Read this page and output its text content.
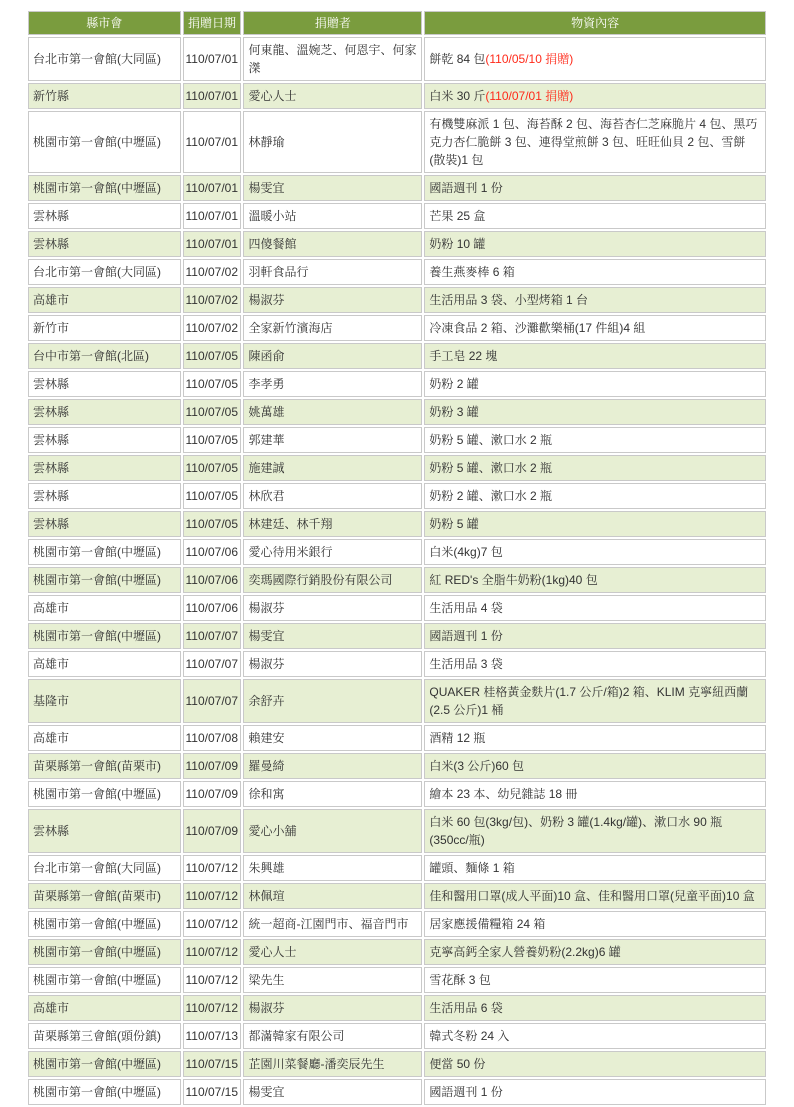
縣市會	捐贈日期	捐贈者	物資內容
台北市第一會館(大同區)	110/07/01	何東龍、溫婉芝、何恩宇、何家滐	餅乾 84 包(110/05/10 捐贈)
新竹縣	110/07/01	愛心人士	白米 30 斤(110/07/01 捐贈)
桃園市第一會館(中壢區)	110/07/01	林靜瑜	有機雙麻派 1 包、海苔酥 2 包、海苔杏仁芝麻脆片 4 包、黑巧克力杏仁脆餅 3 包、連得堂煎餅 3 包、旺旺仙貝 2 包、雪餅(散裝)1 包
桃園市第一會館(中壢區)	110/07/01	楊雯宜	國語週刊 1 份
雲林縣	110/07/01	溫暖小站	芒果 25 盒
雲林縣	110/07/01	四傻餐館	奶粉 10 罐
台北市第一會館(大同區)	110/07/02	羽軒食品行	養生燕麥棒 6 箱
高雄市	110/07/02	楊淑芬	生活用品 3 袋、小型烤箱 1 台
新竹市	110/07/02	全家新竹濱海店	冷凍食品 2 箱、沙灘歡樂桶(17 件組)4 組
台中市第一會館(北區)	110/07/05	陳函俞	手工皂 22 塊
雲林縣	110/07/05	李孝勇	奶粉 2 罐
雲林縣	110/07/05	姚萬雄	奶粉 3 罐
雲林縣	110/07/05	郭建華	奶粉 5 罐、漱口水 2 瓶
雲林縣	110/07/05	施建誠	奶粉 5 罐、漱口水 2 瓶
雲林縣	110/07/05	林欣君	奶粉 2 罐、漱口水 2 瓶
雲林縣	110/07/05	林建廷、林千翔	奶粉 5 罐
桃園市第一會館(中壢區)	110/07/06	愛心待用米銀行	白米(4kg)7 包
桃園市第一會館(中壢區)	110/07/06	奕瑪國際行銷股份有限公司	紅 RED's 全脂牛奶粉(1kg)40 包
高雄市	110/07/06	楊淑芬	生活用品 4 袋
桃園市第一會館(中壢區)	110/07/07	楊雯宜	國語週刊 1 份
高雄市	110/07/07	楊淑芬	生活用品 3 袋
基隆市	110/07/07	余舒卉	QUAKER 桂格黃金麩片(1.7 公斤/箱)2 箱、KLIM 克寧紐西蘭(2.5 公斤)1 桶
高雄市	110/07/08	賴建安	酒精 12 瓶
苗栗縣第一會館(苗栗市)	110/07/09	羅曼綺	白米(3 公斤)60 包
桃園市第一會館(中壢區)	110/07/09	徐和寓	繪本 23 本、幼兒雜誌 18 冊
雲林縣	110/07/09	愛心小舖	白米 60 包(3kg/包)、奶粉 3 罐(1.4kg/罐)、漱口水 90 瓶(350cc/瓶)
台北市第一會館(大同區)	110/07/12	朱興雄	罐頭、麵條 1 箱
苗栗縣第一會館(苗栗市)	110/07/12	林佩瑄	佳和醫用口罩(成人平面)10 盒、佳和醫用口罩(兒童平面)10 盒
桃園市第一會館(中壢區)	110/07/12	統一超商-江園門市、福音門市	居家應援備糧箱 24 箱
桃園市第一會館(中壢區)	110/07/12	愛心人士	克寧高鈣全家人營養奶粉(2.2kg)6 罐
桃園市第一會館(中壢區)	110/07/12	梁先生	雪花酥 3 包
高雄市	110/07/12	楊淑芬	生活用品 6 袋
苗栗縣第三會館(頭份鎮)	110/07/13	都滿韓家有限公司	韓式冬粉 24 入
桃園市第一會館(中壢區)	110/07/15	芷園川菜餐廳-潘奕辰先生	便當 50 份
桃園市第一會館(中壢區)	110/07/15	楊雯宜	國語週刊 1 份
